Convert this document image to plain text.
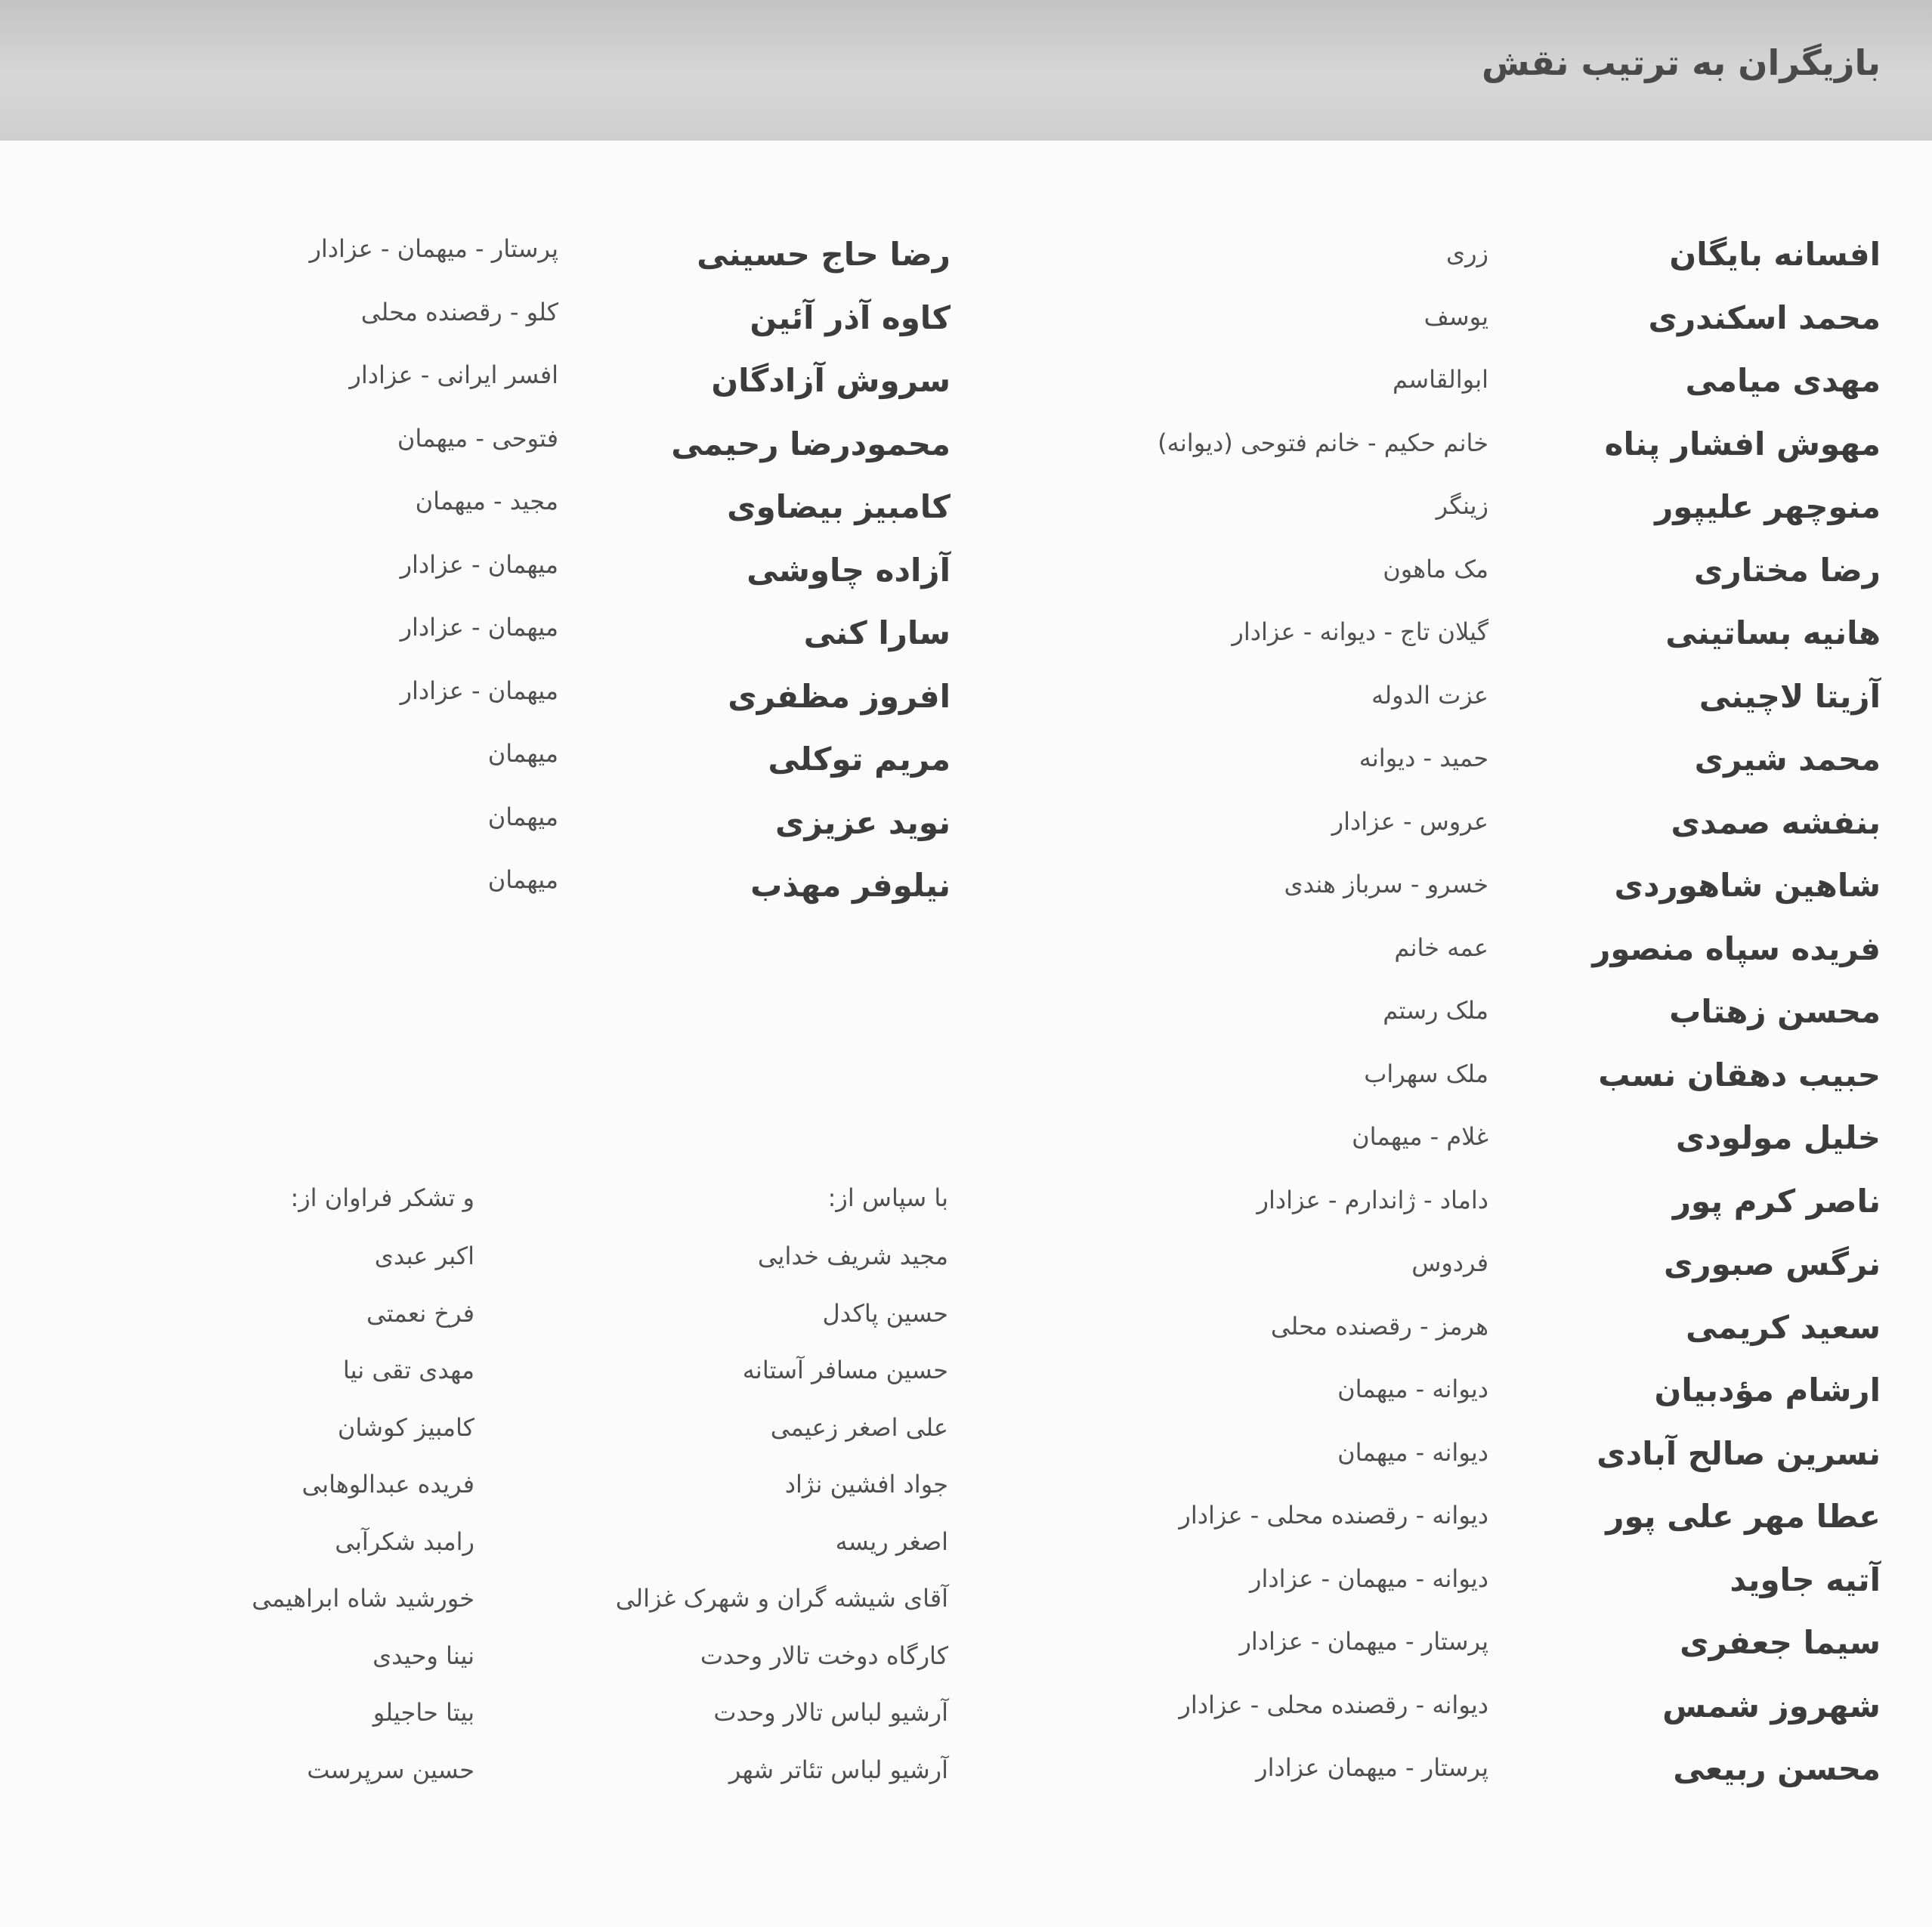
بازیگران به ترتیب نقش
افسانه بایگان
محمد اسکندری
مهدی میامی
مهوش افشار پناه
منوچهر علیپور
رضا مختاری
هانیه بساتینی
آزیتا لاچینی
محمد شیری
بنفشه صمدی
شاهین شاهوردی
فریده سپاه منصور
محسن زهتاب
حبیب دهقان نسب
خلیل مولودی
ناصر کرم پور
نرگس صبوری
سعید کریمی
ارشام مؤدبیان
نسرین صالح آبادی
عطا مهر علی پور
آتیه جاوید
سیما جعفری
شهروز شمس
محسن ربیعی
زری
یوسف
ابوالقاسم
خانم حکیم - خانم فتوحی (دیوانه)
زینگر
مک ماهون
گیلان تاج - دیوانه - عزادار
عزت الدوله
حمید - دیوانه
عروس - عزادار
خسرو - سرباز هندی
عمه خانم
ملک رستم
ملک سهراب
غلام - میهمان
داماد - ژاندارم - عزادار
فردوس
هرمز - رقصنده محلی
دیوانه - میهمان
دیوانه - میهمان
دیوانه - رقصنده محلی - عزادار
دیوانه - میهمان - عزادار
پرستار - میهمان - عزادار
دیوانه - رقصنده محلی - عزادار
پرستار - میهمان عزادار
رضا حاج حسینی
کاوه آذر آئین
سروش آزادگان
محمودرضا رحیمی
کامبیز بیضاوی
آزاده چاوشی
سارا کنی
افروز مظفری
مریم توکلی
نوید عزیزی
نیلوفر مهذب
پرستار - میهمان - عزادار
کلو - رقصنده محلی
افسر ایرانی - عزادار
فتوحی - میهمان
مجید - میهمان
میهمان - عزادار
میهمان - عزادار
میهمان - عزادار
میهمان
میهمان
میهمان
با سپاس از:
مجید شریف خدایی
حسین پاکدل
حسین مسافر آستانه
علی اصغر زعیمی
جواد افشین نژاد
اصغر ریسه
آقای شیشه گران و شهرک غزالی
کارگاه دوخت تالار وحدت
آرشیو لباس تالار وحدت
آرشیو لباس تئاتر شهر
و تشکر فراوان از:
اکبر عبدی
فرخ نعمتی
مهدی تقی نیا
کامبیز کوشان
فریده عبدالوهابی
رامبد شکرآبی
خورشید شاه ابراهیمی
نینا وحیدی
بیتا حاجیلو
حسین سرپرست
